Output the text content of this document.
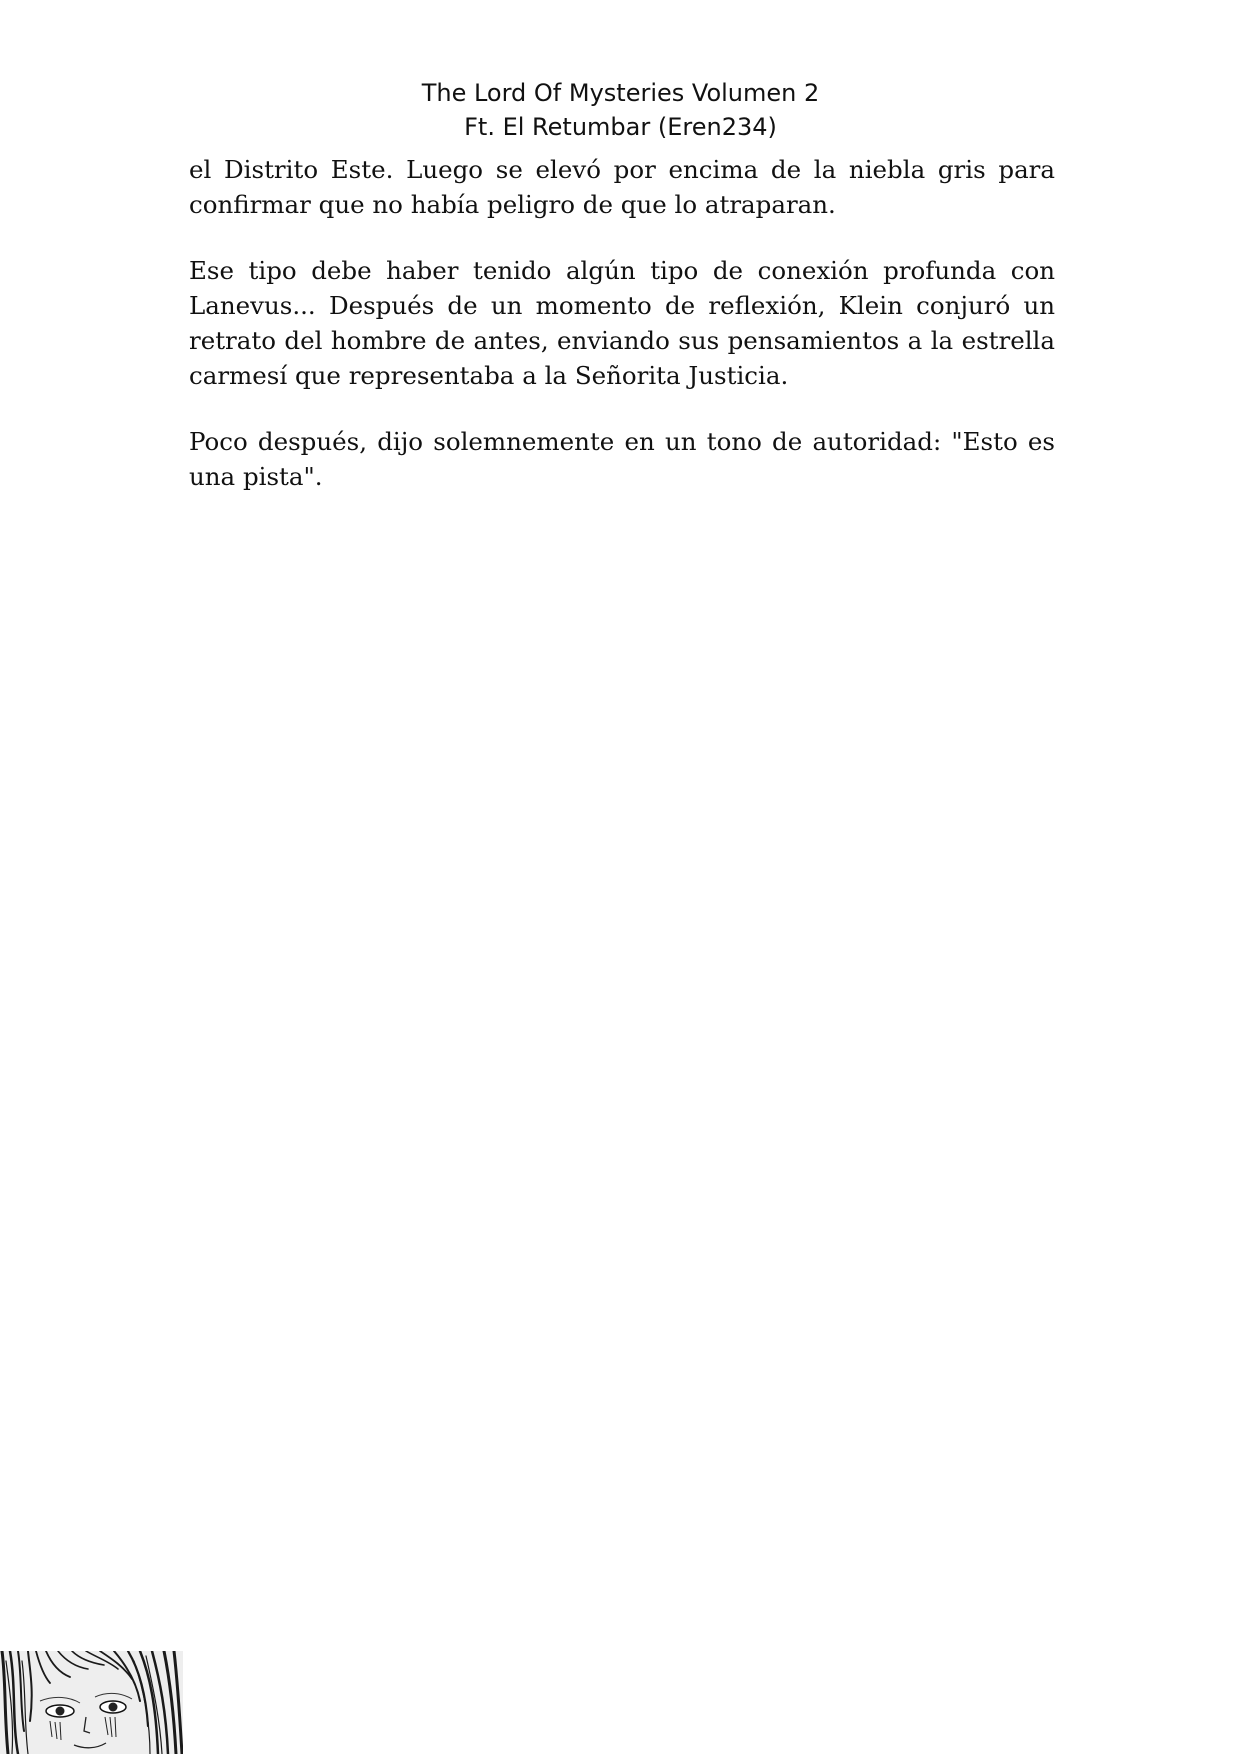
The Lord Of Mysteries Volumen 2
Ft. El Retumbar (Eren234)

el Distrito Este. Luego se elevó por encima de la niebla gris para confirmar que no había peligro de que lo atraparan.

Ese tipo debe haber tenido algún tipo de conexión profunda con Lanevus... Después de un momento de reflexión, Klein conjuró un retrato del hombre de antes, enviando sus pensamientos a la estrella carmesí que representaba a la Señorita Justicia.

Poco después, dijo solemnemente en un tono de autoridad: "Esto es una pista".
